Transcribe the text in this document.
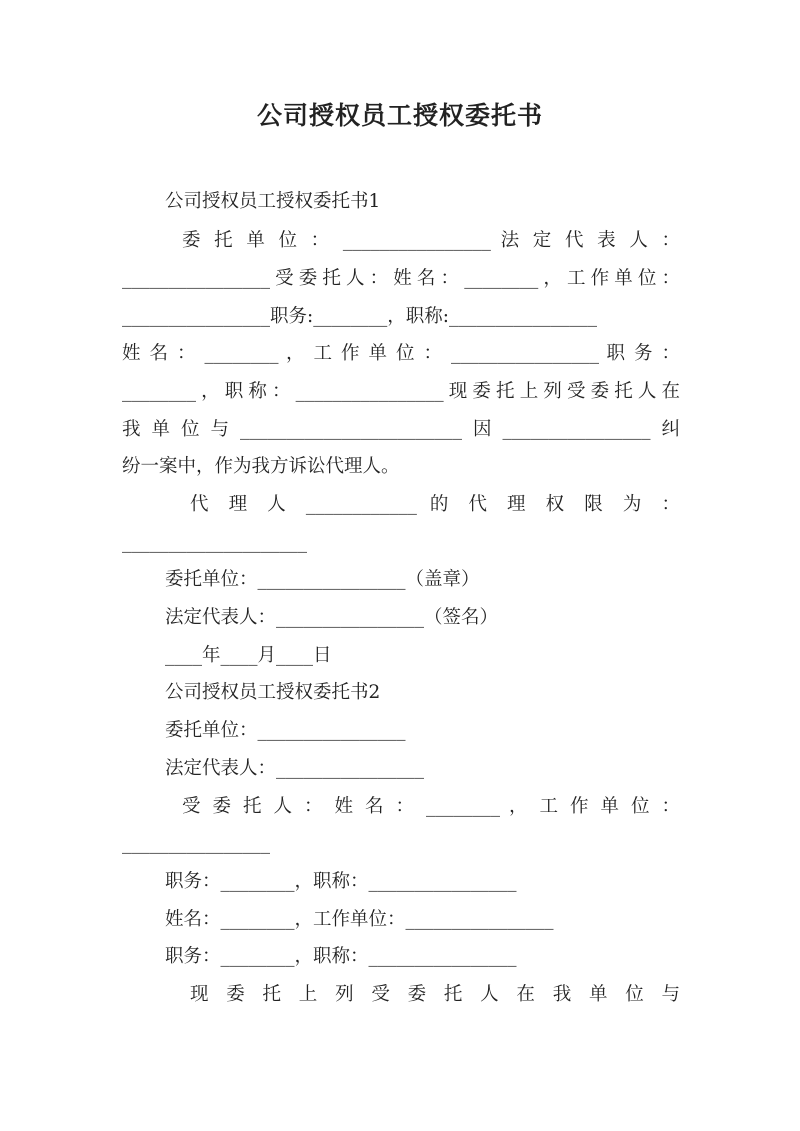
公司授权员工授权委托书
公司授权员工授权委托书1
委 托 单 位 ： ________________ 法 定 代 表 人 ：
________________受委托人：姓名：________，工作单位：
________________职务:________，职称:________________
姓 名 ： ________ ， 工 作 单 位 ： ________________ 职 务 ：
________，职称：________________现委托上列受委托人在
我单位与________________________因________________纠
纷一案中，作为我方诉讼代理人。
代 理 人 ____________ 的 代 理 权 限 为 ：
____________________
委托单位：________________（盖章）
法定代表人：________________（签名）
____年____月____日
公司授权员工授权委托书2
委托单位：________________
法定代表人：________________
受 委 托 人 ： 姓 名 ： ________ ， 工 作 单 位 ：
________________
职务：________，职称：________________
姓名：________，工作单位：________________
职务：________，职称：________________
现 委 托 上 列 受 委 托 人 在 我 单 位 与
